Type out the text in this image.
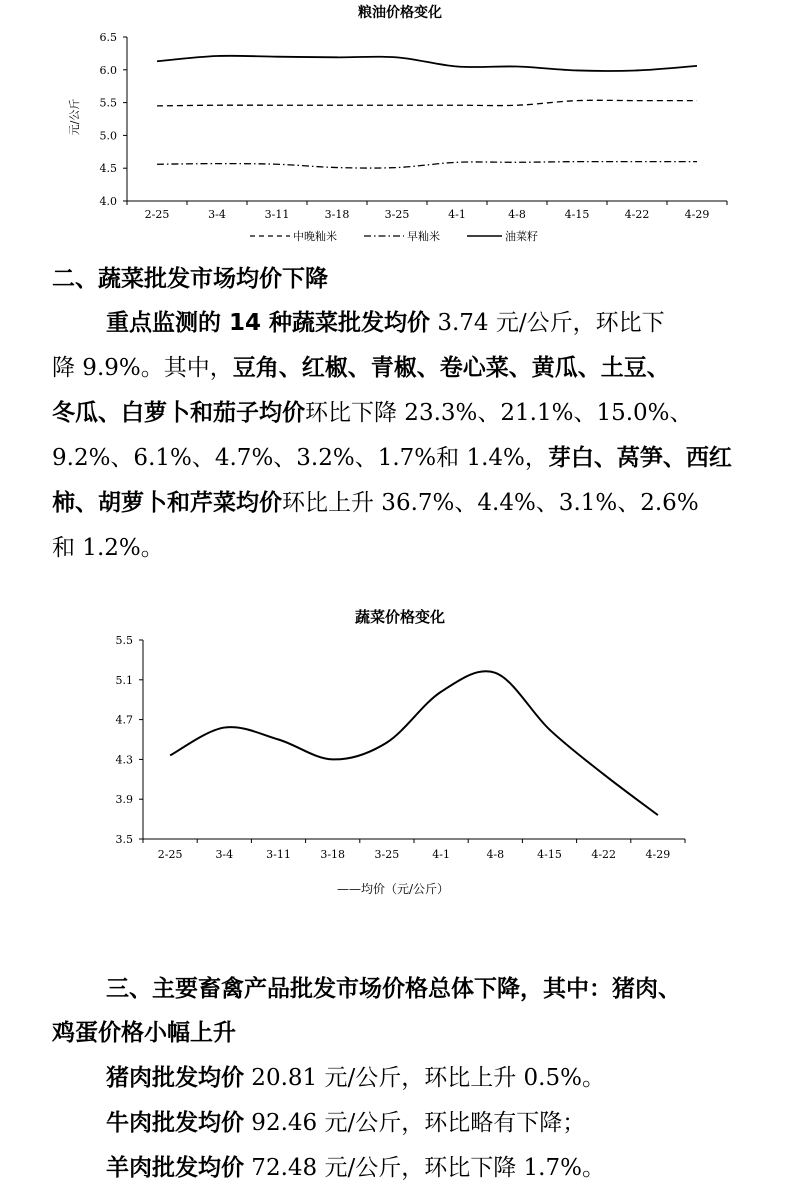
粮油价格变化
4.0
4.5
5.0
5.5
6.0
6.5
2-25	3-4	3-11	3-18	3-25	4-1	4-8	4-15	4-22	4-29
元/公斤
中晚籼米	早籼米	油菜籽
二、蔬菜批发市场均价下降

重点监测的 14 种蔬菜批发均价 3.74 元/公斤，环比下

降 9.9%。其中，豆角、红椒、青椒、卷心菜、黄瓜、土豆、

冬瓜、白萝卜和茄子均价环比下降 23.3%、21.1%、15.0%、

9.2%、6.1%、4.7%、3.2%、1.7%和 1.4%，芽白、莴笋、西红

柿、胡萝卜和芹菜均价环比上升 36.7%、4.4%、3.1%、2.6%

和 1.2%。

蔬菜价格变化
3.5
3.9
4.3
4.7
5.1
5.5
2-25	3-4	3-11	3-18	3-25	4-1	4-8	4-15	4-22	4-29
——均价（元/公斤）
三、主要畜禽产品批发市场价格总体下降，其中：猪肉、
鸡蛋价格小幅上升

猪肉批发均价 20.81 元/公斤，环比上升 0.5%。

牛肉批发均价 92.46 元/公斤，环比略有下降；

羊肉批发均价 72.48 元/公斤，环比下降 1.7%。
